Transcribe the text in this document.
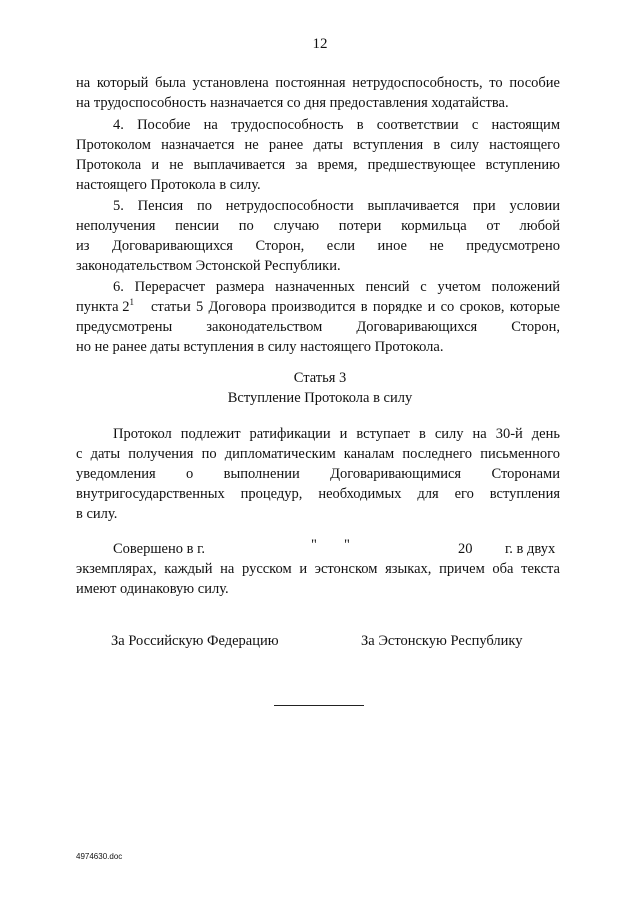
12
на который была установлена постоянная нетрудоспособность, то пособие
на трудоспособность назначается со дня предоставления ходатайства.
4. Пособие на трудоспособность в соответствии с настоящим
Протоколом назначается не ранее даты вступления в силу настоящего
Протокола и не выплачивается за время, предшествующее вступлению
настоящего Протокола в силу.
5. Пенсия по нетрудоспособности выплачивается при условии
неполучения пенсии по случаю потери кормильца от любой
из Договаривающихся Сторон, если иное не предусмотрено
законодательством Эстонской Республики.
6. Перерасчет размера назначенных пенсий с учетом положений
пункта $2^1$ статьи 5 Договора производится в порядке и со сроков, которые
предусмотрены законодательством Договаривающихся Сторон,
но не ранее даты вступления в силу настоящего Протокола.
Статья 3
Вступление Протокола в силу
Протокол подлежит ратификации и вступает в силу на 30-й день
с даты получения по дипломатическим каналам последнего письменного
уведомления о выполнении Договаривающимися Сторонами
внутригосударственных процедур, необходимых для его вступления
в силу.
Совершено в г.	" "	20 г. в двух
экземплярах, каждый на русском и эстонском языках, причем оба текста
имеют одинаковую силу.
За Российскую Федерацию	За Эстонскую Республику
4974630.doc
